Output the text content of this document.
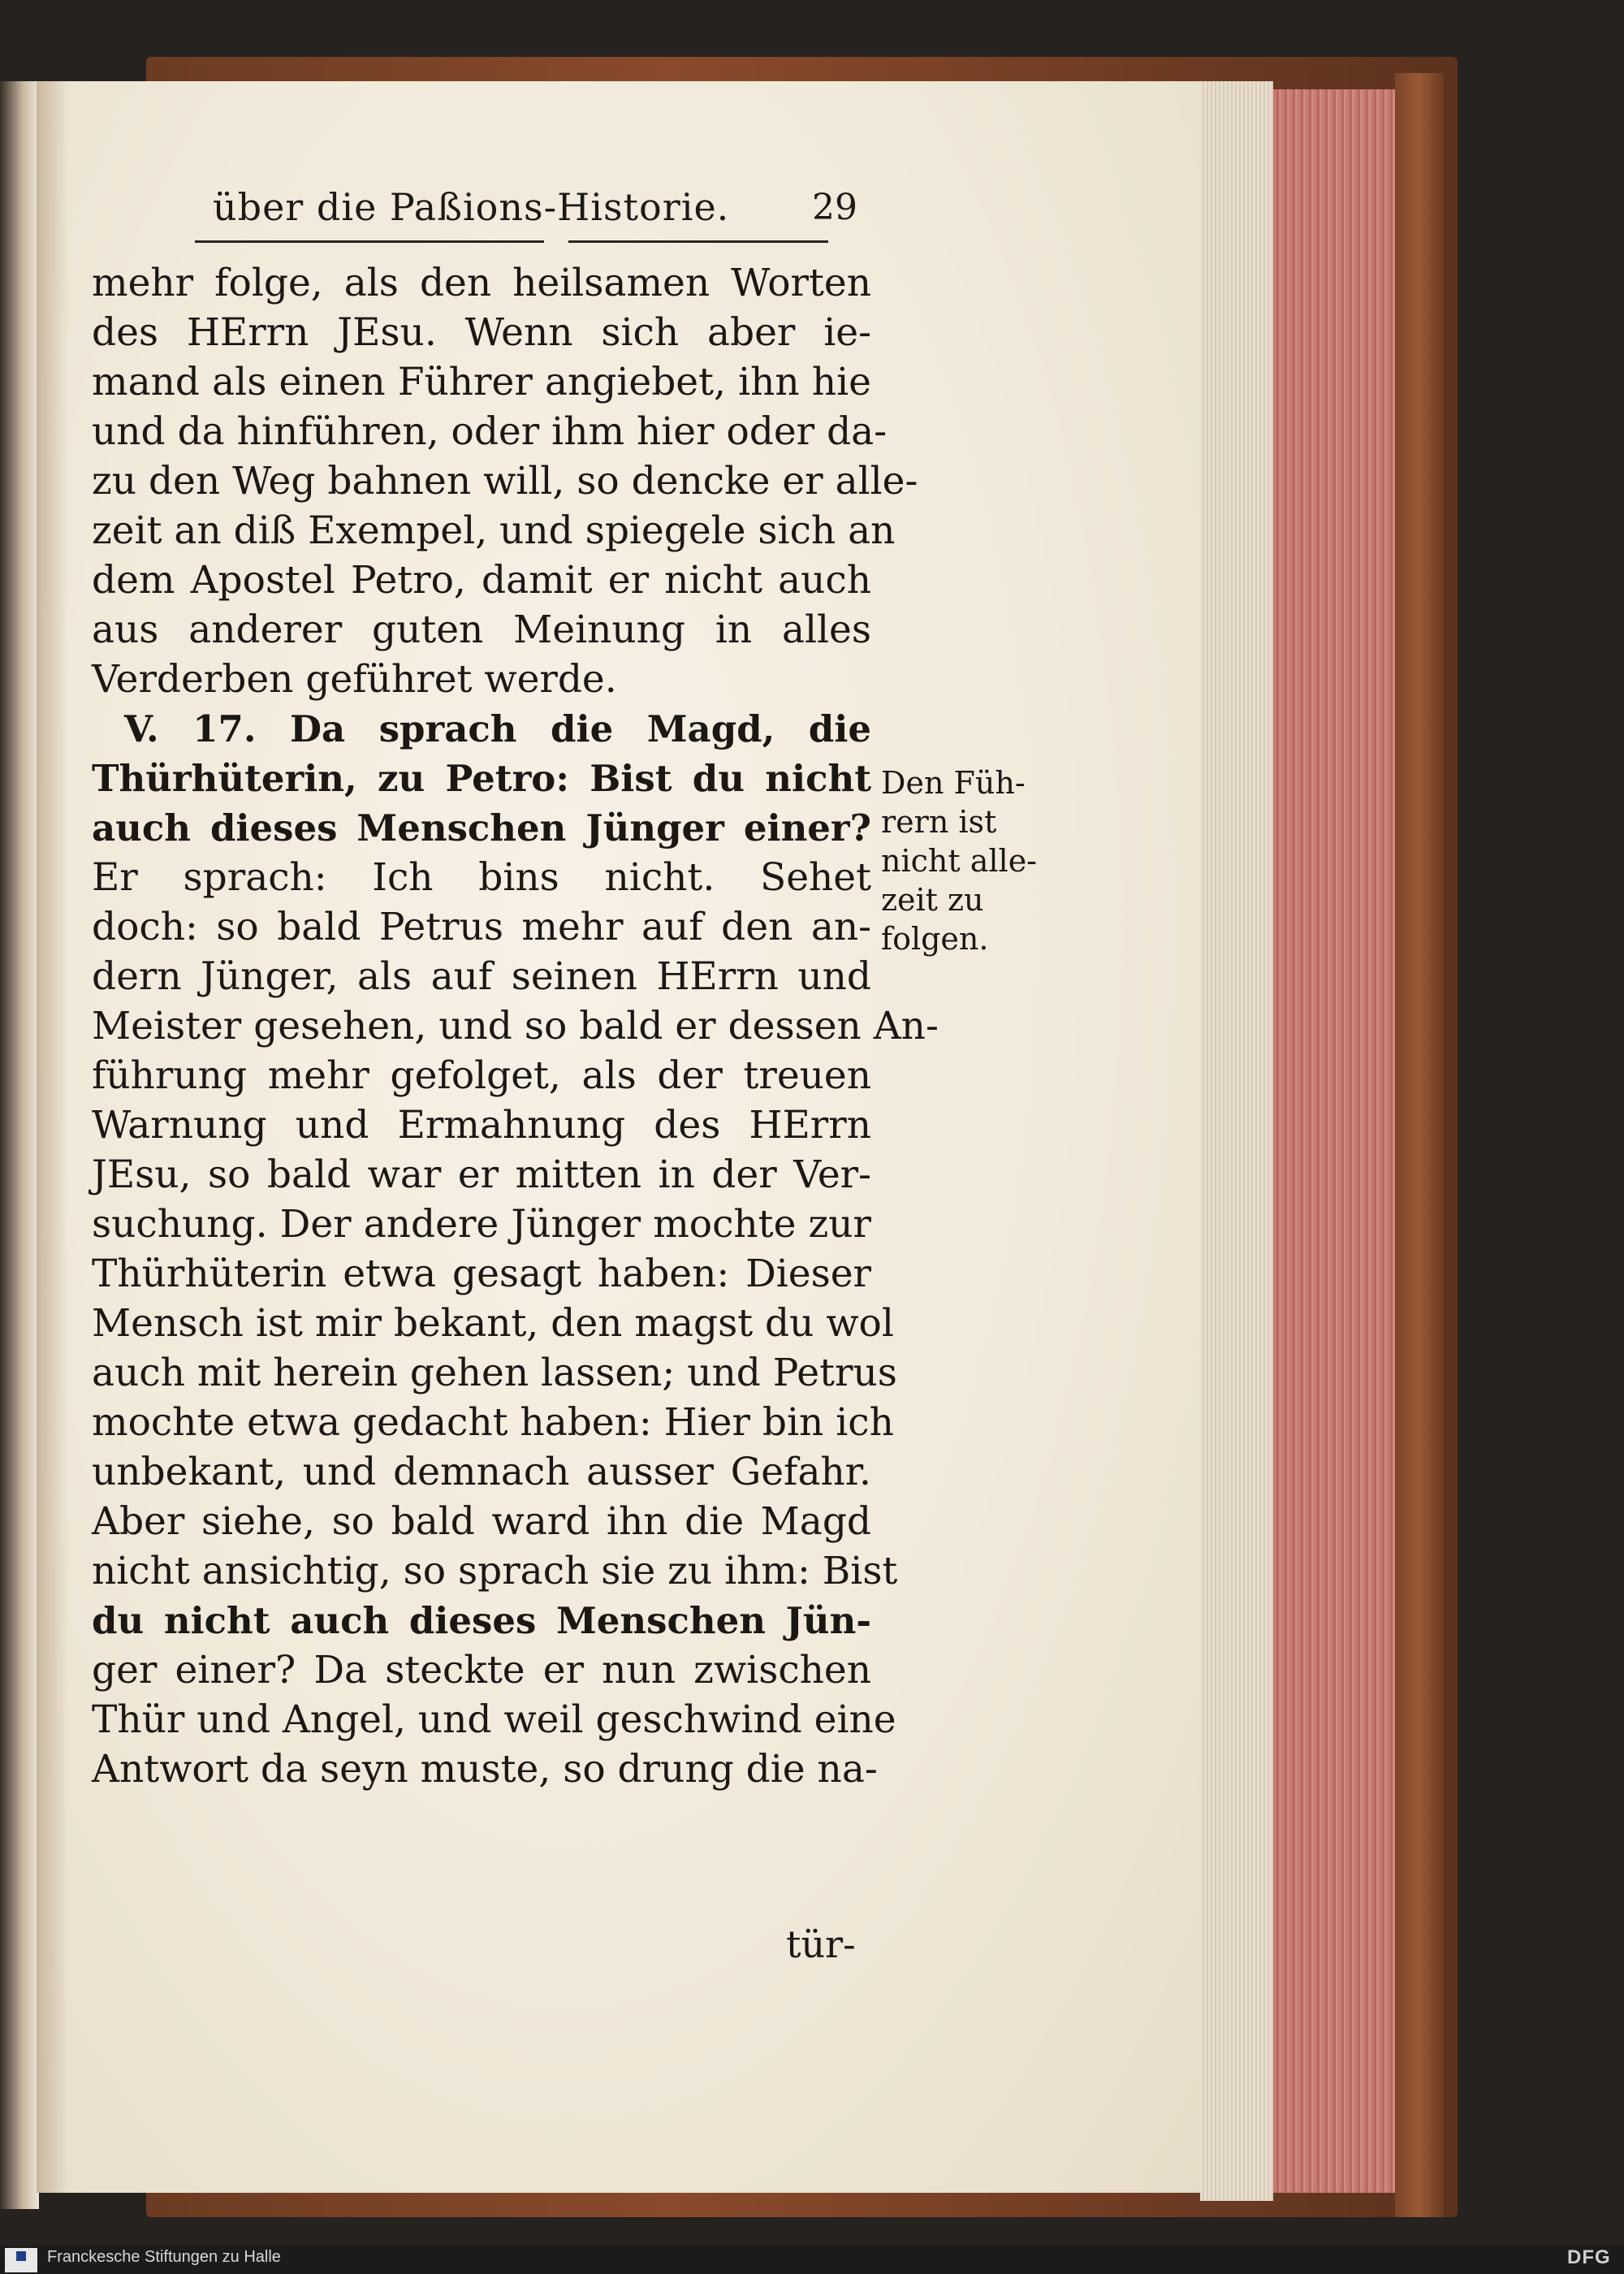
über die Paßions-Historie. 29
mehr folge, als den heilsamen Worten
des HErrn JEsu. Wenn sich aber ie-
mand als einen Führer angiebet, ihn hie
und da hinführen, oder ihm hier oder da-
zu den Weg bahnen will, so dencke er alle-
zeit an diß Exempel, und spiegele sich an
dem Apostel Petro, damit er nicht auch
aus anderer guten Meinung in alles
Verderben geführet werde.
V. 17. Da sprach die Magd, die
Thürhüterin, zu Petro: Bist du nicht
auch dieses Menschen Jünger einer?
Er sprach: Ich bins nicht. Sehet
doch: so bald Petrus mehr auf den an-
dern Jünger, als auf seinen HErrn und
Meister gesehen, und so bald er dessen An-
führung mehr gefolget, als der treuen
Warnung und Ermahnung des HErrn
JEsu, so bald war er mitten in der Ver-
suchung. Der andere Jünger mochte zur
Thürhüterin etwa gesagt haben: Dieser
Mensch ist mir bekant, den magst du wol
auch mit herein gehen lassen; und Petrus
mochte etwa gedacht haben: Hier bin ich
unbekant, und demnach ausser Gefahr.
Aber siehe, so bald ward ihn die Magd
nicht ansichtig, so sprach sie zu ihm: Bist
du nicht auch dieses Menschen Jün-
ger einer? Da steckte er nun zwischen
Thür und Angel, und weil geschwind eine
Antwort da seyn muste, so drung die na-
tür-
Den Füh-
rern ist
nicht alle-
zeit zu
folgen.
Franckesche Stiftungen zu Halle	DFG
